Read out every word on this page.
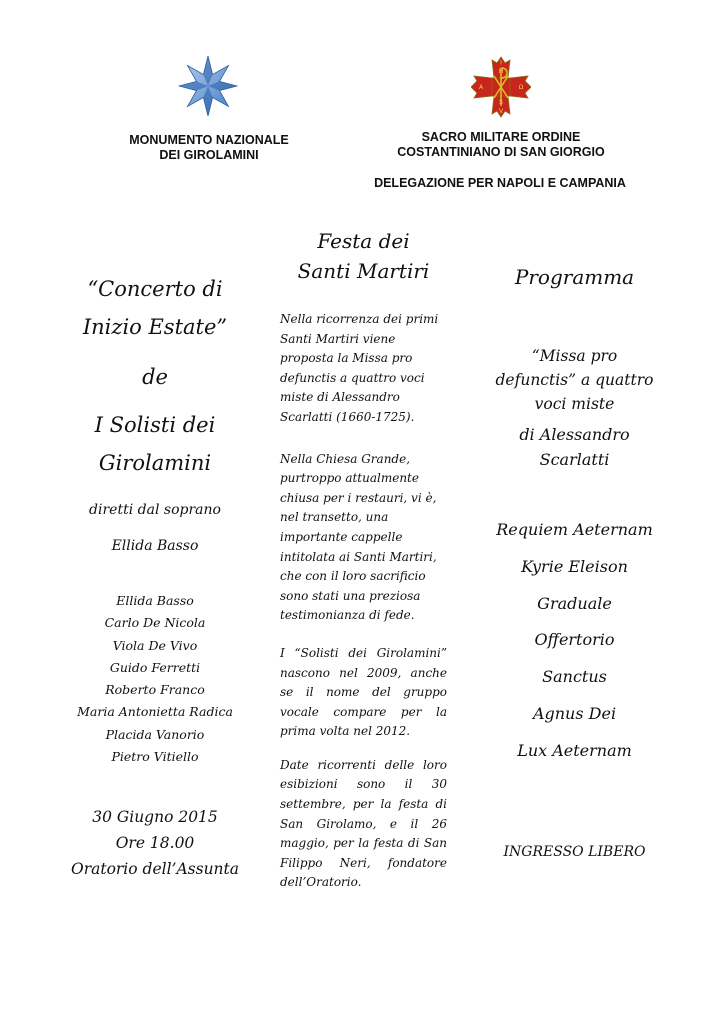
I
H
A	Ω
S
V
MONUMENTO NAZIONALE
DEI GIROLAMINI
SACRO MILITARE ORDINE
COSTANTINIANO DI SAN GIORGIO
DELEGAZIONE PER NAPOLI E CAMPANIA
“Concerto di
Inizio Estate”
de
I Solisti dei
Girolamini
diretti dal soprano
Ellida Basso
Ellida Basso
Carlo De Nicola
Viola De Vivo
Guido Ferretti
Roberto Franco
Maria Antonietta Radica
Placida Vanorio
Pietro Vitiello
30 Giugno 2015
Ore 18.00
Oratorio dell’Assunta
Festa dei
Santi Martiri
Nella ricorrenza dei primi
Santi Martiri viene
proposta la Missa pro
defunctis a quattro voci
miste di Alessandro
Scarlatti (1660-1725).
Nella Chiesa Grande,
purtroppo attualmente
chiusa per i restauri, vi è,
nel transetto, una
importante cappelle
intitolata ai Santi Martiri,
che con il loro sacrificio
sono stati una preziosa
testimonianza di fede.
I “Solisti dei Girolamini” nascono nel 2009, anche se il nome del gruppo vocale compare per la prima volta nel 2012.
Date ricorrenti delle loro esibizioni sono il 30 settembre, per la festa di San Girolamo, e il 26 maggio, per la festa di San Filippo Neri, fondatore dell’Oratorio.
Programma
“Missa pro
defunctis” a quattro
voci miste
di Alessandro
Scarlatti
Requiem Aeternam
Kyrie Eleison
Graduale
Offertorio
Sanctus
Agnus Dei
Lux Aeternam
INGRESSO LIBERO
